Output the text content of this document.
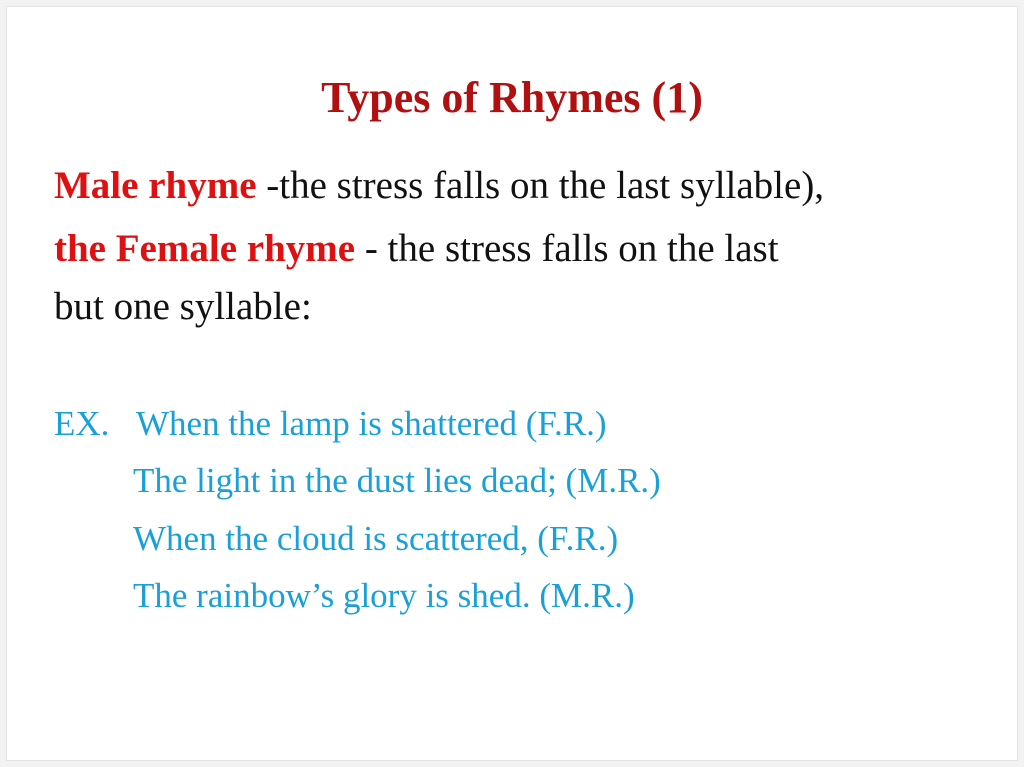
Types of Rhymes (1)

Male rhyme -the stress falls on the last syllable),

the Female rhyme - the stress falls on the last

but one syllable:

EX. When the lamp is shattered (F.R.)

The light in the dust lies dead; (M.R.)

When the cloud is scattered, (F.R.)

The rainbow’s glory is shed. (M.R.)
